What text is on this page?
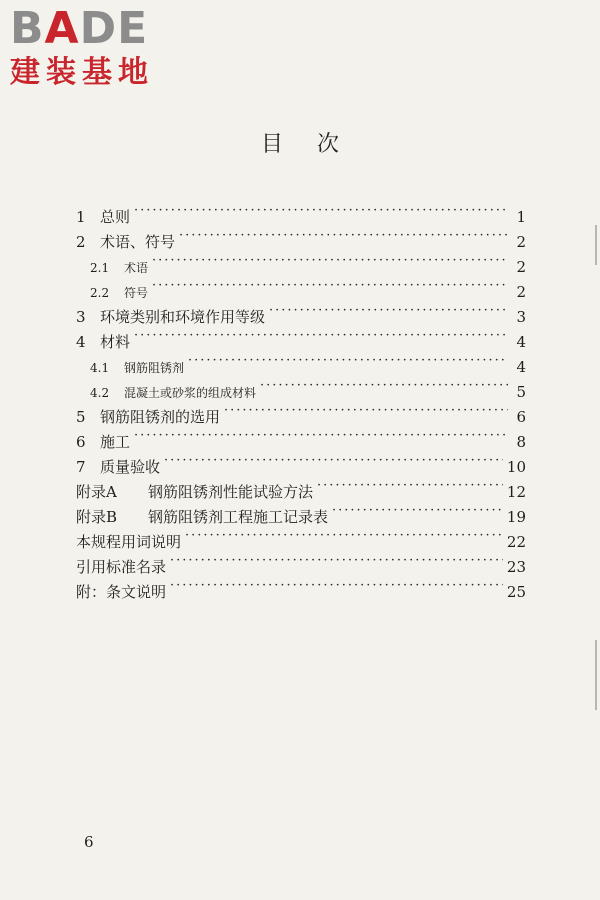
BADE
建装基地
目次
1 总则 ·····	1
2 术语、符号 ·····	2
2.1	术语 ·····	2
2.2	符号 ·····	2
3 环境类别和环境作用等级 ·····	3
4 材料 ·····	4
4.1	钢筋阻锈剂 ·····	4
4.2	混凝土或砂浆的组成材料 ·····	5
5 钢筋阻锈剂的选用 ·····	6
6 施工 ·····	8
7 质量验收 ·····	10
附录A	钢筋阻锈剂性能试验方法 ·····	12
附录B	钢筋阻锈剂工程施工记录表 ·····	19
本规程用词说明 ·····	22
引用标准名录 ·····	23
附：条文说明 ·····	25
6
